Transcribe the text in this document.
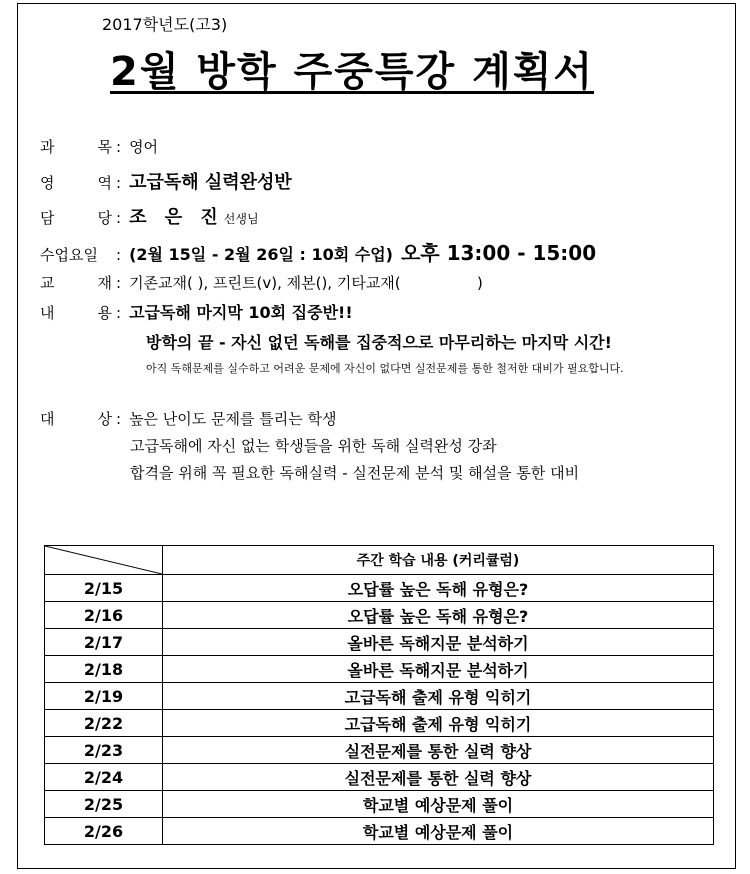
2017학년도(고3)
2월 방학 주중특강 계획서
과	목 : 영어
영	역 : 고급독해 실력완성반
담	당 : 조 은 진 선생님
수업요일	: (2월 15일 - 2월 26일 : 10회 수업) 오후 13:00 - 15:00
교	재 : 기존교재( ), 프린트(v), 제본(), 기타교재(                )
내	용 : 고급독해 마지막 10회 집중반!!
방학의 끝 - 자신 없던 독해를 집중적으로 마무리하는 마지막 시간!
아직 독해문제를 실수하고 어려운 문제에 자신이 없다면 실전문제를 통한 철저한 대비가 필요합니다.
대	상 : 높은 난이도 문제를 틀리는 학생
고급독해에 자신 없는 학생들을 위한 독해 실력완성 강좌
합격을 위해 꼭 필요한 독해실력 - 실전문제 분석 및 해설을 통한 대비
	주간 학습 내용 (커리큘럼)
2/15	오답률 높은 독해 유형은?
2/16	오답률 높은 독해 유형은?
2/17	올바른 독해지문 분석하기
2/18	올바른 독해지문 분석하기
2/19	고급독해 출제 유형 익히기
2/22	고급독해 출제 유형 익히기
2/23	실전문제를 통한 실력 향상
2/24	실전문제를 통한 실력 향상
2/25	학교별 예상문제 풀이
2/26	학교별 예상문제 풀이
